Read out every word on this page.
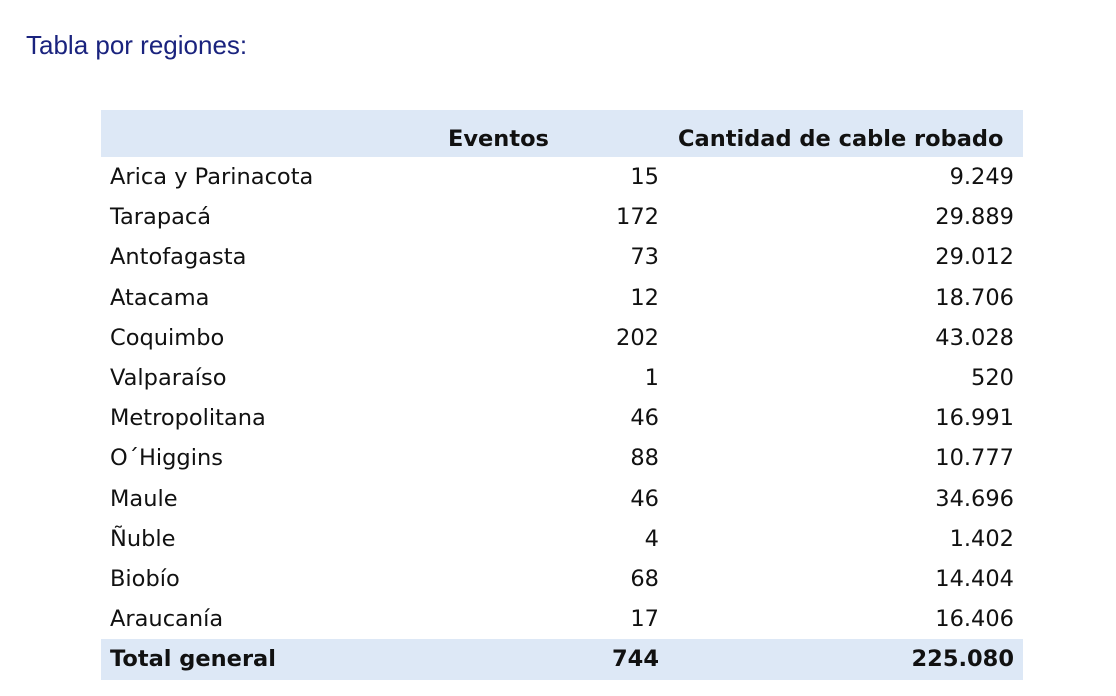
Tabla por regiones:
	Eventos	Cantidad de cable robado
Arica y Parinacota	15	9.249
Tarapacá	172	29.889
Antofagasta	73	29.012
Atacama	12	18.706
Coquimbo	202	43.028
Valparaíso	1	520
Metropolitana	46	16.991
O´Higgins	88	10.777
Maule	46	34.696
Ñuble	4	1.402
Biobío	68	14.404
Araucanía	17	16.406
Total general	744	225.080
